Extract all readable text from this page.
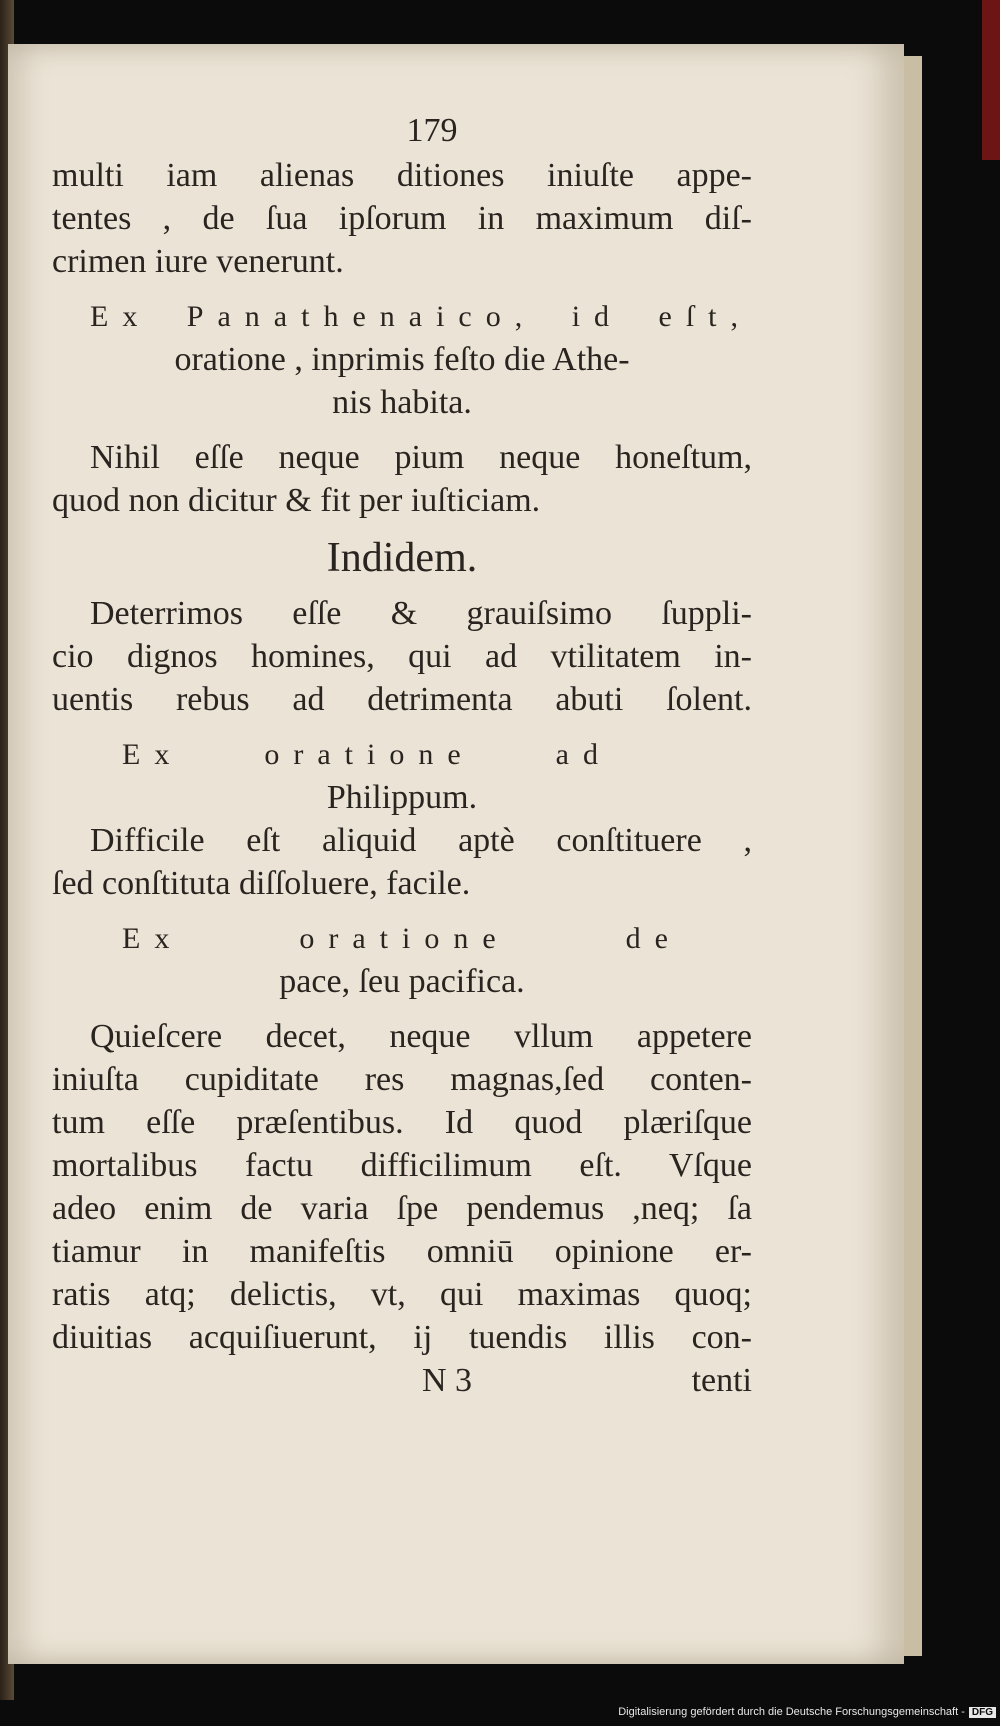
179
multi iam alienas ditiones iniuſte appe-
tentes , de ſua ipſorum in maximum diſ-
crimen iure venerunt.
Ex Panathenaico, id eſt,
oratione , inprimis feſto die Athe-
nis habita.
Nihil eſſe neque pium neque honeſtum,
quod non dicitur & fit per iuſticiam.
Indidem.
Deterrimos eſſe & grauiſsimo ſuppli-
cio dignos homines, qui ad vtilitatem in-
uentis rebus ad detrimenta abuti ſolent.
Ex oratione ad
Philippum.
Difficile eſt aliquid aptè conſtituere ,
ſed conſtituta diſſoluere, facile.
Ex oratione de
pace, ſeu pacifica.
Quieſcere decet, neque vllum appetere
iniuſta cupiditate res magnas,ſed conten-
tum eſſe præſentibus. Id quod plæriſque
mortalibus factu difficilimum eſt. Vſque
adeo enim de varia ſpe pendemus ,neq; ſa
tiamur in manifeſtis omniū opinione er-
ratis atq; delictis, vt, qui maximas quoq;
diuitias acquiſiuerunt, ij tuendis illis con-
N 3	tenti
Digitalisierung gefördert durch die Deutsche Forschungsgemeinschaft - DFG
